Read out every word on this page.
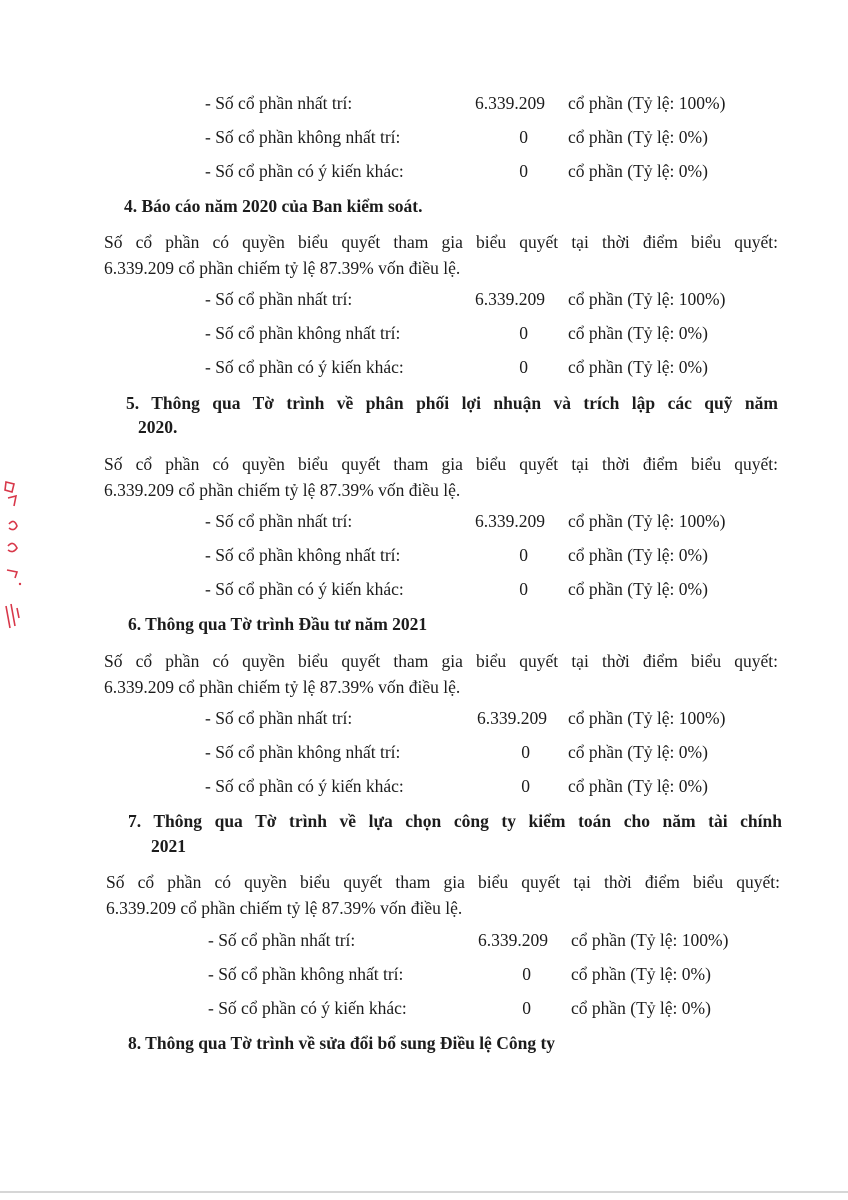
- Số cổ phần nhất trí:	6.339.209 cổ phần (Tỷ lệ: 100%)
- Số cổ phần không nhất trí:	0 cổ phần (Tỷ lệ: 0%)
- Số cổ phần có ý kiến khác:	0 cổ phần (Tỷ lệ: 0%)
4. Báo cáo năm 2020 của Ban kiểm soát.
Số cổ phần có quyền biểu quyết tham gia biểu quyết tại thời điểm biểu quyết:
6.339.209 cổ phần chiếm tỷ lệ 87.39% vốn điều lệ.
- Số cổ phần nhất trí:	6.339.209 cổ phần (Tỷ lệ: 100%)
- Số cổ phần không nhất trí:	0 cổ phần (Tỷ lệ: 0%)
- Số cổ phần có ý kiến khác:	0 cổ phần (Tỷ lệ: 0%)
5. Thông qua Tờ trình về phân phối lợi nhuận và trích lập các quỹ năm
2020.
Số cổ phần có quyền biểu quyết tham gia biểu quyết tại thời điểm biểu quyết:
6.339.209 cổ phần chiếm tỷ lệ 87.39% vốn điều lệ.
- Số cổ phần nhất trí:	6.339.209 cổ phần (Tỷ lệ: 100%)
- Số cổ phần không nhất trí:	0 cổ phần (Tỷ lệ: 0%)
- Số cổ phần có ý kiến khác:	0 cổ phần (Tỷ lệ: 0%)
6. Thông qua Tờ trình Đầu tư năm 2021
Số cổ phần có quyền biểu quyết tham gia biểu quyết tại thời điểm biểu quyết:
6.339.209 cổ phần chiếm tỷ lệ 87.39% vốn điều lệ.
- Số cổ phần nhất trí:	6.339.209 cổ phần (Tỷ lệ: 100%)
- Số cổ phần không nhất trí:	0 cổ phần (Tỷ lệ: 0%)
- Số cổ phần có ý kiến khác:	0 cổ phần (Tỷ lệ: 0%)
7. Thông qua Tờ trình về lựa chọn công ty kiểm toán cho năm tài chính
2021
Số cổ phần có quyền biểu quyết tham gia biểu quyết tại thời điểm biểu quyết:
6.339.209 cổ phần chiếm tỷ lệ 87.39% vốn điều lệ.
- Số cổ phần nhất trí:	6.339.209 cổ phần (Tỷ lệ: 100%)
- Số cổ phần không nhất trí:	0 cổ phần (Tỷ lệ: 0%)
- Số cổ phần có ý kiến khác:	0 cổ phần (Tỷ lệ: 0%)
8. Thông qua Tờ trình về sửa đổi bổ sung Điều lệ Công ty
